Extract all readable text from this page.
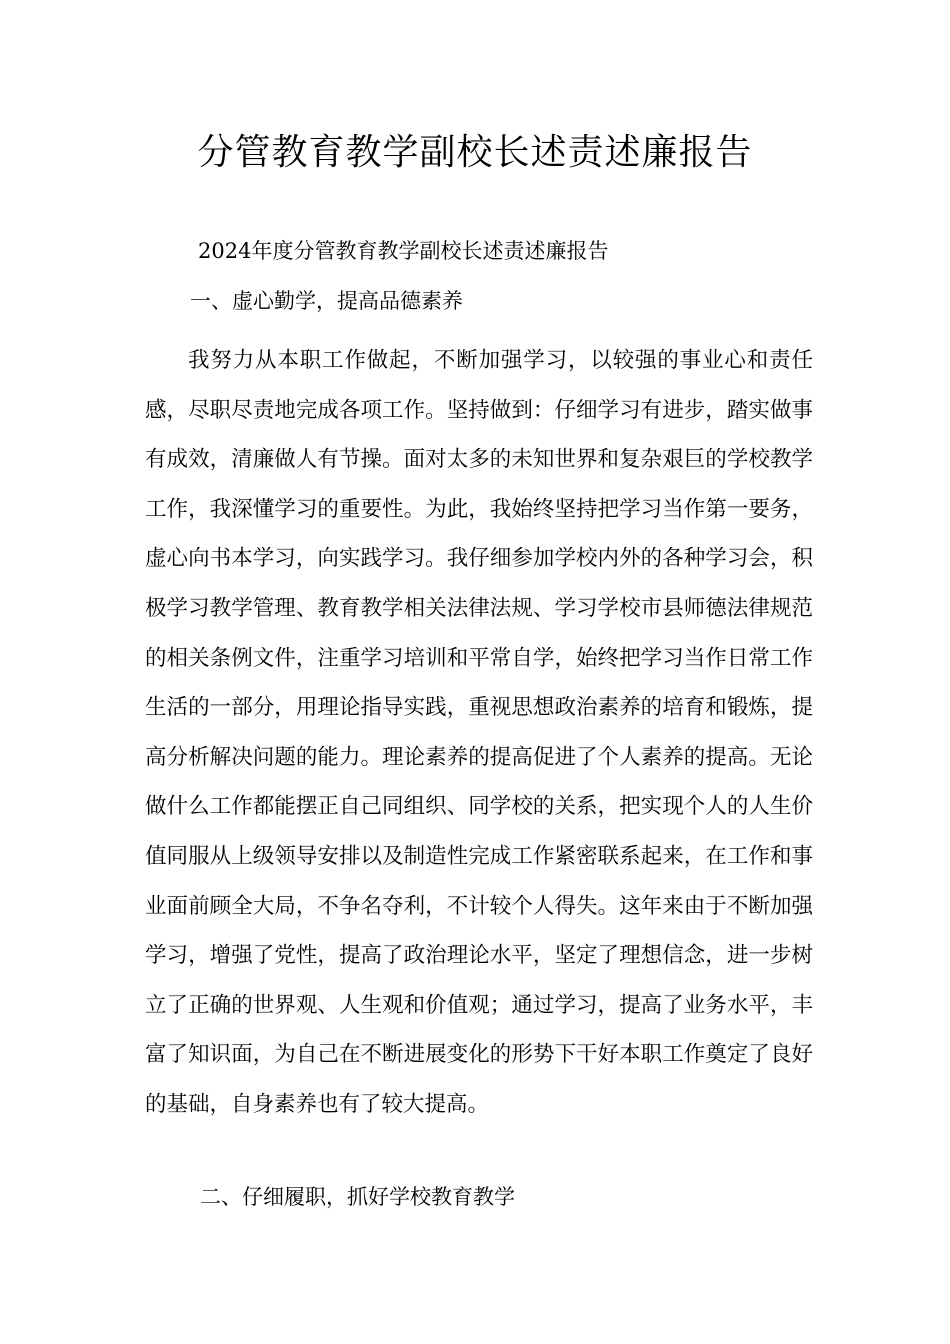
分管教育教学副校长述责述廉报告
2024年度分管教育教学副校长述责述廉报告
一、虚心勤学，提高品德素养

我努力从本职工作做起，不断加强学习，以较强的事业心和责任感，尽职尽责地完成各项工作。坚持做到：仔细学习有进步，踏实做事有成效，清廉做人有节操。面对太多的未知世界和复杂艰巨的学校教学工作，我深懂学习的重要性。为此，我始终坚持把学习当作第一要务，虚心向书本学习，向实践学习。我仔细参加学校内外的各种学习会，积极学习教学管理、教育教学相关法律法规、学习学校市县师德法律规范的相关条例文件，注重学习培训和平常自学，始终把学习当作日常工作生活的一部分，用理论指导实践，重视思想政治素养的培育和锻炼，提高分析解决问题的能力。理论素养的提高促进了个人素养的提高。无论做什么工作都能摆正自己同组织、同学校的关系，把实现个人的人生价值同服从上级领导安排以及制造性完成工作紧密联系起来，在工作和事业面前顾全大局，不争名夺利，不计较个人得失。这年来由于不断加强学习，增强了党性，提高了政治理论水平，坚定了理想信念，进一步树立了正确的世界观、人生观和价值观；通过学习，提高了业务水平，丰富了知识面，为自己在不断进展变化的形势下干好本职工作奠定了良好的基础，自身素养也有了较大提高。

二、仔细履职，抓好学校教育教学
